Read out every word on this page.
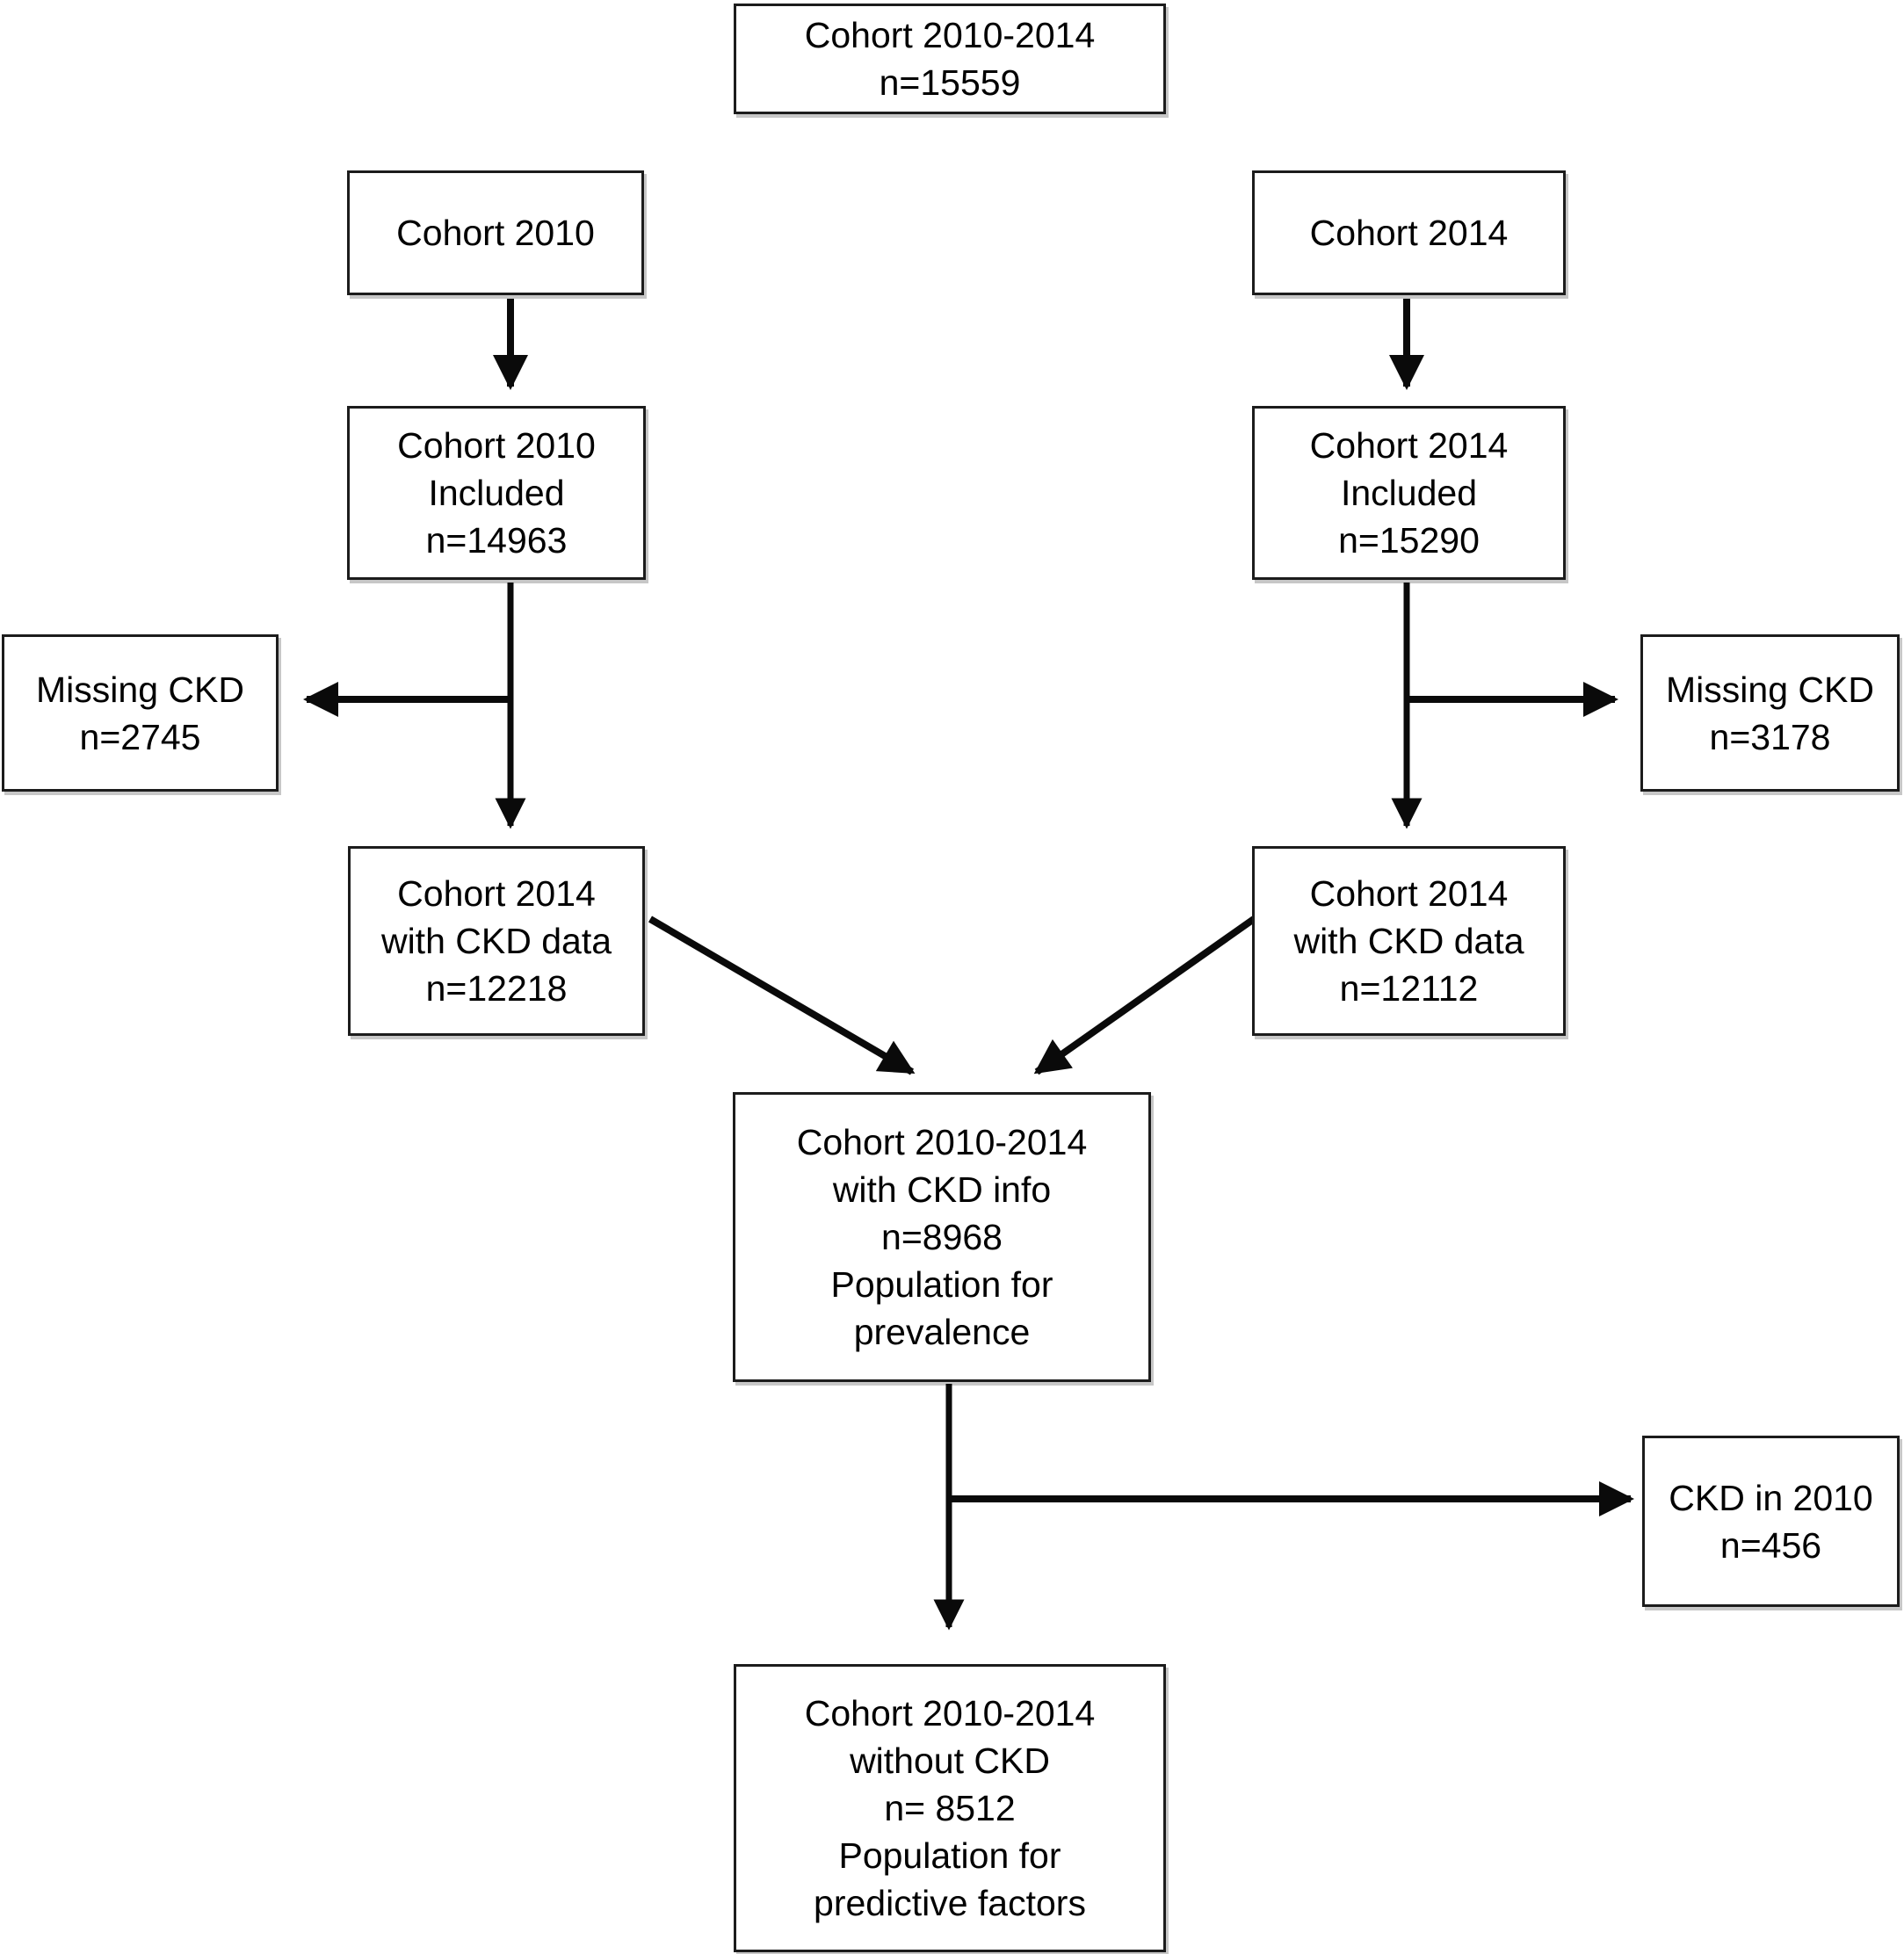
Cohort 2010-2014
n=15559
Cohort 2010	Cohort 2014
Cohort 2010
Included
n=14963
Cohort 2014
Included
n=15290
Missing CKD
n=2745
Missing CKD
n=3178
Cohort 2014
with CKD data
n=12218
Cohort 2014
with CKD data
n=12112
Cohort 2010-2014
with CKD info
n=8968
Population for
prevalence
CKD in 2010
n=456
Cohort 2010-2014
without CKD
n= 8512
Population for
predictive factors
